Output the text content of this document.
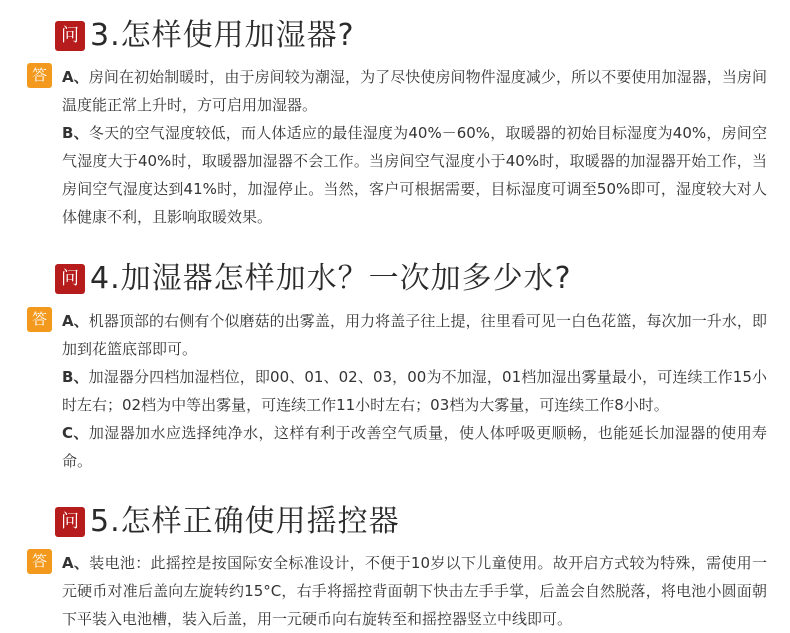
问 3.怎样使用加湿器?
答	A、房间在初始制暖时，由于房间较为潮湿，为了尽快使房间物件湿度减少，所以不要使用加湿器，当房间温度能正常上升时，方可启用加湿器。

B、冬天的空气湿度较低，而人体适应的最佳湿度为40%－60%，取暖器的初始目标湿度为40%，房间空气湿度大于40%时，取暖器加湿器不会工作。当房间空气湿度小于40%时，取暖器的加湿器开始工作，当房间空气湿度达到41%时，加湿停止。当然，客户可根据需要，目标湿度可调至50%即可，湿度较大对人体健康不利，且影响取暖效果。

问 4.加湿器怎样加水？一次加多少水?
答	A、机器顶部的右侧有个似磨菇的出雾盖，用力将盖子往上提，往里看可见一白色花篮，每次加一升水，即加到花篮底部即可。

B、加湿器分四档加湿档位，即00、01、02、03，00为不加湿，01档加湿出雾量最小，可连续工作15小时左右；02档为中等出雾量，可连续工作11小时左右；03档为大雾量，可连续工作8小时。

C、加湿器加水应选择纯净水，这样有利于改善空气质量，使人体呼吸更顺畅，也能延长加湿器的使用寿命。

问 5.怎样正确使用摇控器
答	A、装电池：此摇控是按国际安全标准设计，不便于10岁以下儿童使用。故开启方式较为特殊，需使用一元硬币对准后盖向左旋转约15°C，右手将摇控背面朝下快击左手手掌，后盖会自然脱落，将电池小圆面朝下平装入电池槽，装入后盖，用一元硬币向右旋转至和摇控器竖立中线即可。
